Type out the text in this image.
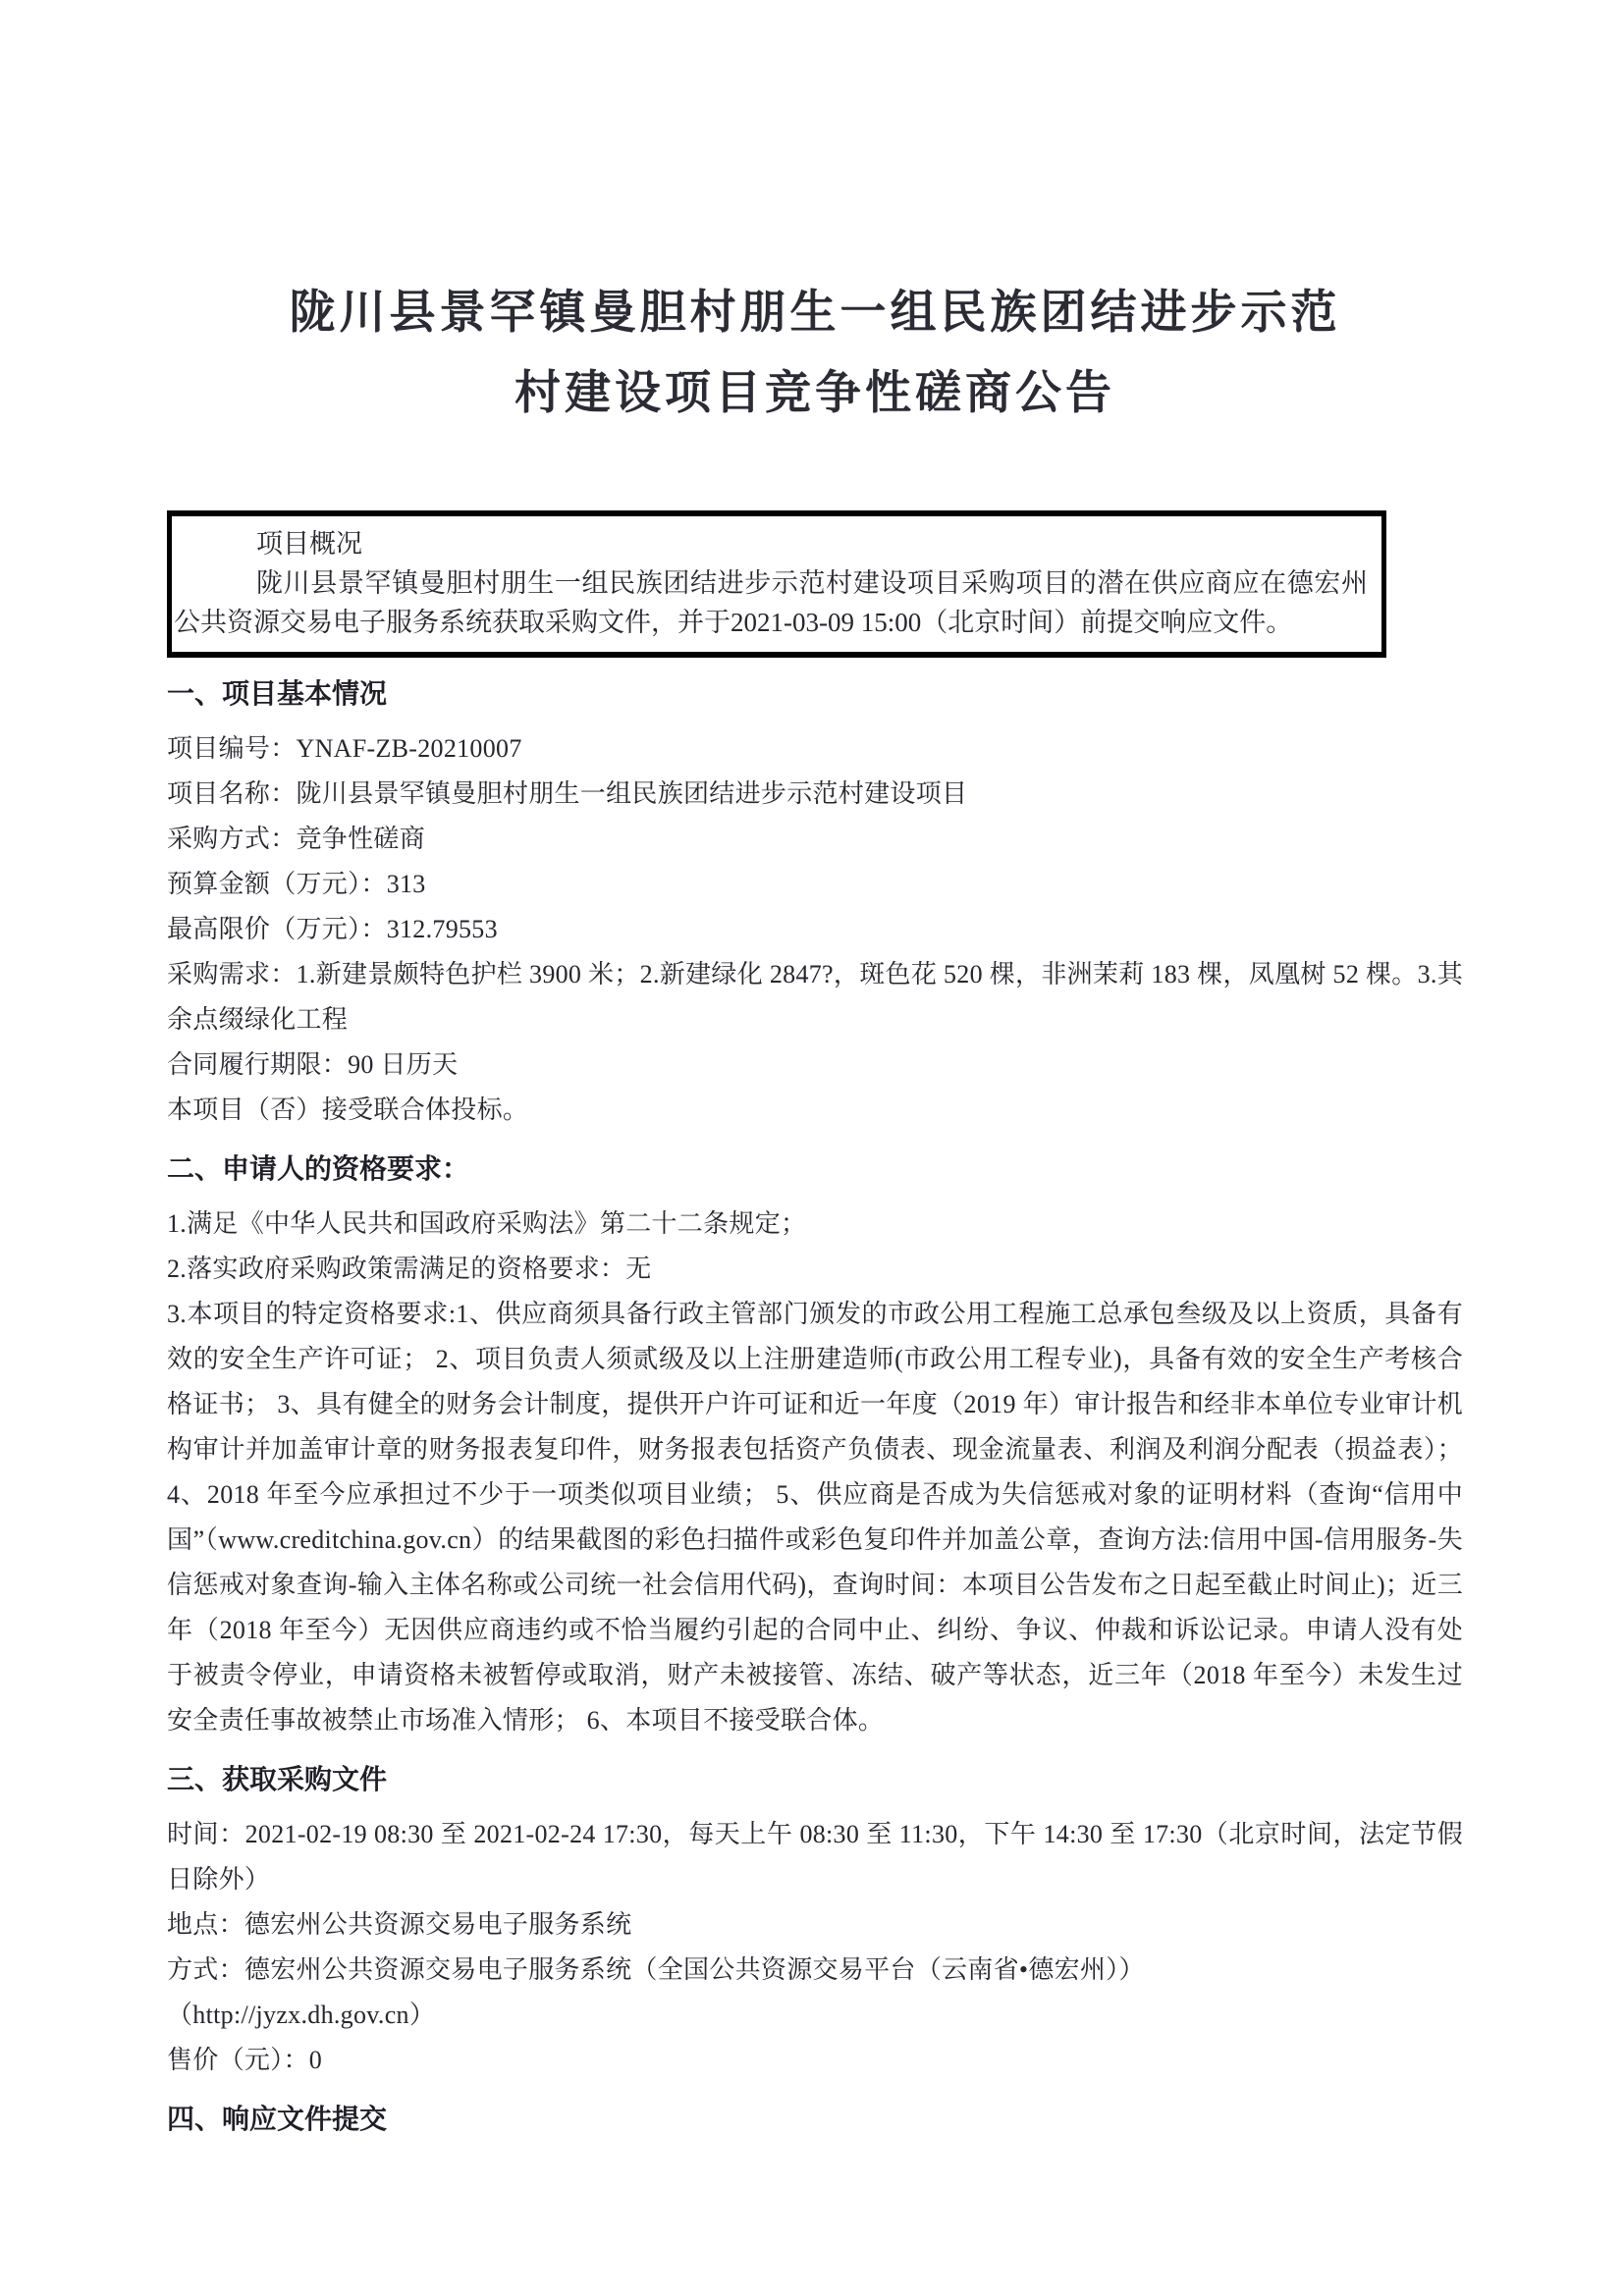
陇川县景罕镇曼胆村朋生一组民族团结进步示范
村建设项目竞争性磋商公告

项目概况

陇川县景罕镇曼胆村朋生一组民族团结进步示范村建设项目采购项目的潜在供应商应在德宏州公共资源交易电子服务系统获取采购文件，并于2021-03-09 15:00（北京时间）前提交响应文件。

一、项目基本情况

项目编号：YNAF-ZB-20210007

项目名称：陇川县景罕镇曼胆村朋生一组民族团结进步示范村建设项目

采购方式：竞争性磋商

预算金额（万元）：313

最高限价（万元）：312.79553

采购需求：1.新建景颇特色护栏 3900 米；2.新建绿化 2847?，斑色花 520 棵，非洲茉莉 183 棵，凤凰树 52 棵。3.其余点缀绿化工程

合同履行期限：90 日历天

本项目（否）接受联合体投标。

二、申请人的资格要求：

1.满足《中华人民共和国政府采购法》第二十二条规定；

2.落实政府采购政策需满足的资格要求：无

3.本项目的特定资格要求:1、供应商须具备行政主管部门颁发的市政公用工程施工总承包叁级及以上资质，具备有效的安全生产许可证； 2、项目负责人须贰级及以上注册建造师(市政公用工程专业)，具备有效的安全生产考核合格证书； 3、具有健全的财务会计制度，提供开户许可证和近一年度（2019 年）审计报告和经非本单位专业审计机构审计并加盖审计章的财务报表复印件，财务报表包括资产负债表、现金流量表、利润及利润分配表（损益表）； 4、2018 年至今应承担过不少于一项类似项目业绩； 5、供应商是否成为失信惩戒对象的证明材料（查询“信用中国”（www.creditchina.gov.cn）的结果截图的彩色扫描件或彩色复印件并加盖公章，查询方法:信用中国-信用服务-失信惩戒对象查询-输入主体名称或公司统一社会信用代码)，查询时间：本项目公告发布之日起至截止时间止)；近三年（2018 年至今）无因供应商违约或不恰当履约引起的合同中止、纠纷、争议、仲裁和诉讼记录。申请人没有处于被责令停业，申请资格未被暂停或取消，财产未被接管、冻结、破产等状态，近三年（2018 年至今）未发生过安全责任事故被禁止市场准入情形； 6、本项目不接受联合体。

三、获取采购文件

时间：2021-02-19 08:30 至 2021-02-24 17:30，每天上午 08:30 至 11:30，下午 14:30 至 17:30（北京时间，法定节假日除外）

地点：德宏州公共资源交易电子服务系统

方式：德宏州公共资源交易电子服务系统（全国公共资源交易平台（云南省•德宏州））

（http://jyzx.dh.gov.cn）

售价（元）：0

四、响应文件提交
